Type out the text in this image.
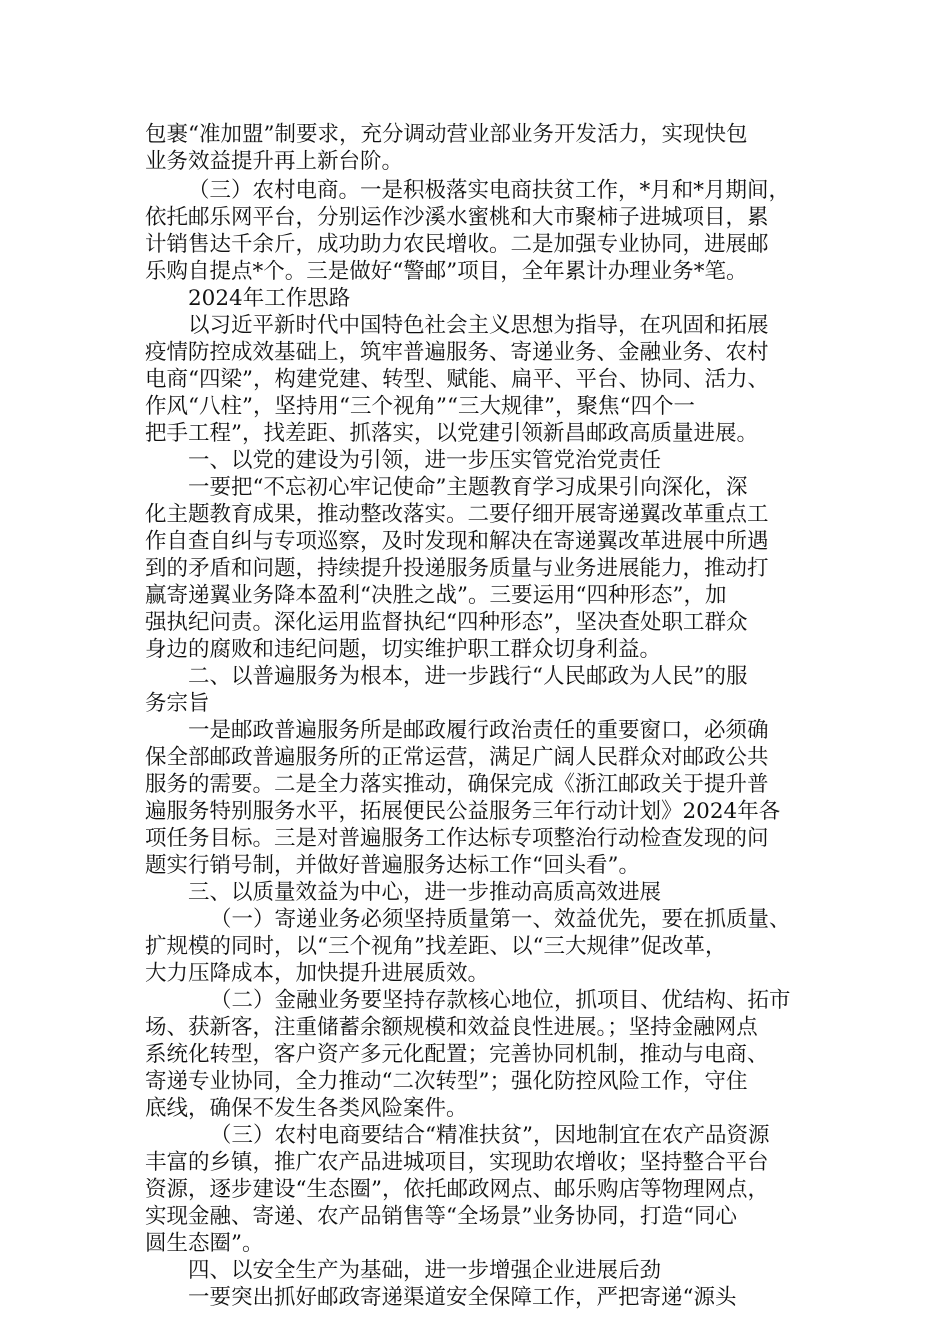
包裹“准加盟”制要求，充分调动营业部业务开发活力，实现快包
业务效益提升再上新台阶。
（三）农村电商。一是积极落实电商扶贫工作，*月和*月期间，
依托邮乐网平台，分别运作沙溪水蜜桃和大市聚柿子进城项目，累
计销售达千余斤，成功助力农民增收。二是加强专业协同，进展邮
乐购自提点*个。三是做好“警邮”项目，全年累计办理业务*笔。
2024年工作思路
以习近平新时代中国特色社会主义思想为指导，在巩固和拓展
疫情防控成效基础上，筑牢普遍服务、寄递业务、金融业务、农村
电商“四梁”，构建党建、转型、赋能、扁平、平台、协同、活力、
作风“八柱”，坚持用“三个视角”“三大规律”，聚焦“四个一
把手工程”，找差距、抓落实，以党建引领新昌邮政高质量进展。
一、以党的建设为引领，进一步压实管党治党责任
一要把“不忘初心牢记使命”主题教育学习成果引向深化，深
化主题教育成果，推动整改落实。二要仔细开展寄递翼改革重点工
作自查自纠与专项巡察，及时发现和解决在寄递翼改革进展中所遇
到的矛盾和问题，持续提升投递服务质量与业务进展能力，推动打
赢寄递翼业务降本盈利“决胜之战”。三要运用“四种形态”，加
强执纪问责。深化运用监督执纪“四种形态”，坚决查处职工群众
身边的腐败和违纪问题，切实维护职工群众切身利益。
二、以普遍服务为根本，进一步践行“人民邮政为人民”的服
务宗旨
一是邮政普遍服务所是邮政履行政治责任的重要窗口，必须确
保全部邮政普遍服务所的正常运营，满足广阔人民群众对邮政公共
服务的需要。二是全力落实推动，确保完成《浙江邮政关于提升普
遍服务特别服务水平，拓展便民公益服务三年行动计划》2024年各
项任务目标。三是对普遍服务工作达标专项整治行动检查发现的问
题实行销号制，并做好普遍服务达标工作“回头看”。
三、以质量效益为中心，进一步推动高质高效进展
（一）寄递业务必须坚持质量第一、效益优先，要在抓质量、
扩规模的同时，以“三个视角”找差距、以“三大规律”促改革，
大力压降成本，加快提升进展质效。
（二）金融业务要坚持存款核心地位，抓项目、优结构、拓市
场、获新客，注重储蓄余额规模和效益良性进展。；坚持金融网点
系统化转型，客户资产多元化配置；完善协同机制，推动与电商、
寄递专业协同，全力推动“二次转型”；强化防控风险工作，守住
底线，确保不发生各类风险案件。
（三）农村电商要结合“精准扶贫”，因地制宜在农产品资源
丰富的乡镇，推广农产品进城项目，实现助农增收；坚持整合平台
资源，逐步建设“生态圈”，依托邮政网点、邮乐购店等物理网点，
实现金融、寄递、农产品销售等“全场景”业务协同，打造“同心
圆生态圈”。
四、以安全生产为基础，进一步增强企业进展后劲
一要突出抓好邮政寄递渠道安全保障工作，严把寄递“源头
